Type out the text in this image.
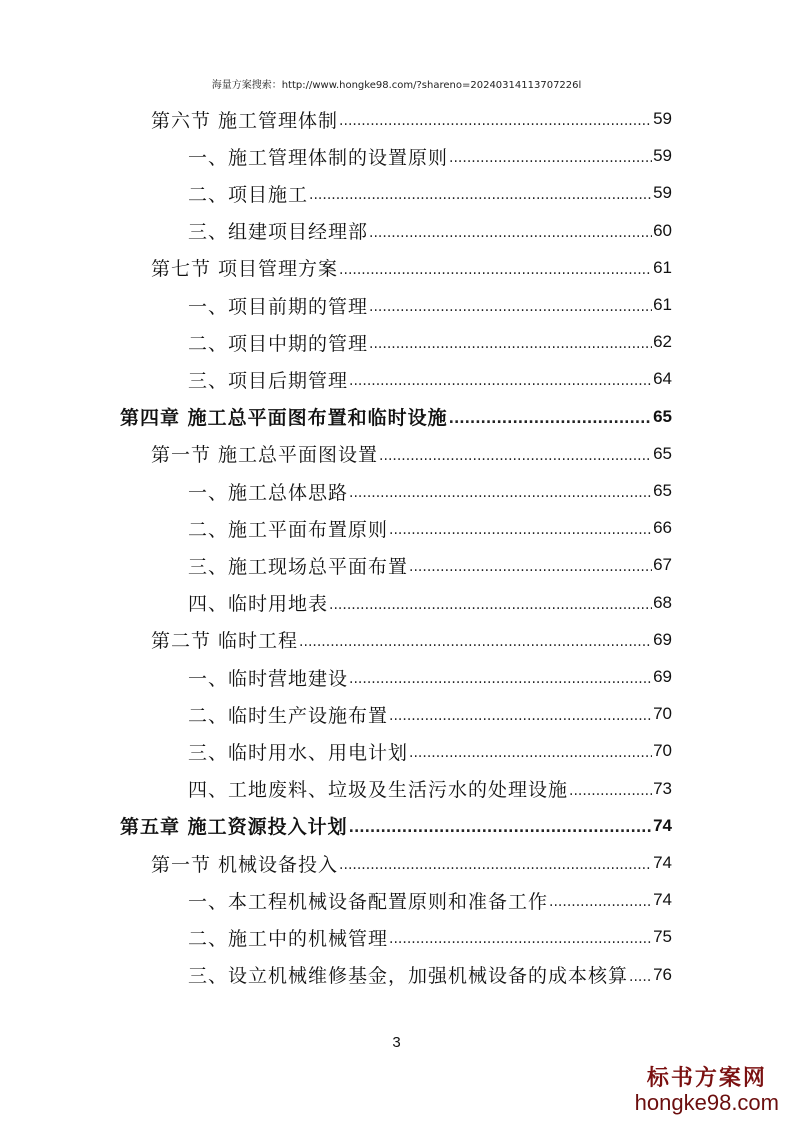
海量方案搜索：http://www.hongke98.com/?shareno=20240314113707226l
第六节 施工管理体制 .....	59
一、施工管理体制的设置原则 .....	59
二、项目施工 .....	59
三、组建项目经理部 .....	60
第七节 项目管理方案 .....	61
一、项目前期的管理 .....	61
二、项目中期的管理 .....	62
三、项目后期管理 .....	64
第四章 施工总平面图布置和临时设施 .....	65
第一节 施工总平面图设置 .....	65
一、施工总体思路 .....	65
二、施工平面布置原则 .....	66
三、施工现场总平面布置 .....	67
四、临时用地表 .....	68
第二节 临时工程 .....	69
一、临时营地建设 .....	69
二、临时生产设施布置 .....	70
三、临时用水、用电计划 .....	70
四、工地废料、垃圾及生活污水的处理设施 .....	73
第五章 施工资源投入计划 .....	74
第一节 机械设备投入 .....	74
一、本工程机械设备配置原则和准备工作 .....	74
二、施工中的机械管理 .....	75
三、设立机械维修基金，加强机械设备的成本核算 ..... 76
3
标书方案网
hongke98.com
